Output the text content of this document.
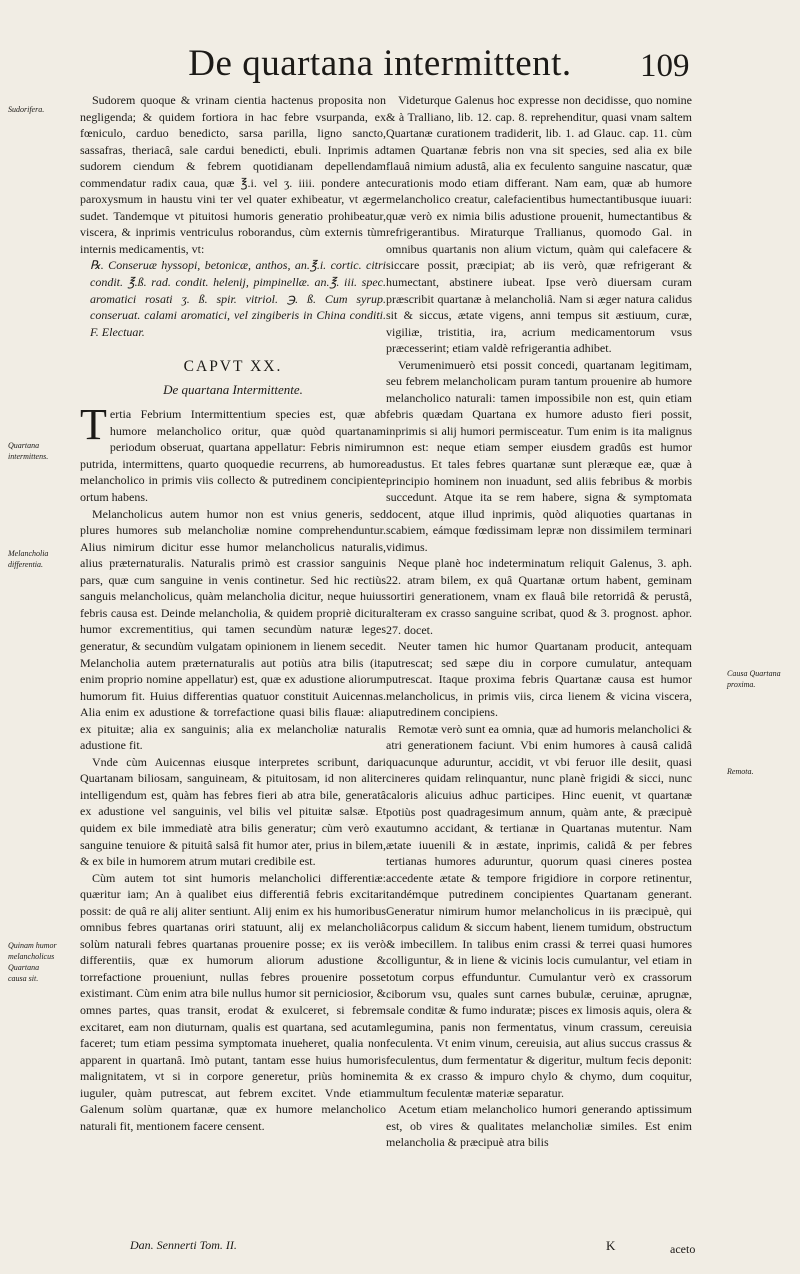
De quartana intermittent. 109
Sudorifera.
Quartana intermittens.
Melancholia differentia.
Quinam humor melancholicus Quartana causa sit.
Causa Quartana proxima.
Remota.

Sudorem quoque & vrinam cientia hactenus proposita non negligenda; & quidem fortiora in hac febre vsurpanda, ex fœniculo, carduo benedicto, sarsa parilla, ligno sancto, sassafras, theriacâ, sale cardui benedicti, ebuli. Inprimis ad sudorem ciendum & febrem quotidianam depellendam commendatur radix caua, quæ ℥.i. vel ʒ. iiii. pondere ante paroxysmum in haustu vini ter vel quater exhibeatur, vt æger sudet. Tandemque vt pituitosi humoris generatio prohibeatur, viscera, & inprimis ventriculus roborandus, cùm externis tùm internis medicamentis, vt:

℞. Conseruæ hyssopi, betonicæ, anthos, an.℥.i. cortic. citri condit. ℥.ß. rad. condit. helenij, pimpinellæ. an.℥. iii. spec. aromatici rosati ʒ. ß. spir. vitriol. ℈. ß. Cum syrup. conseruat. calami aromatici, vel zingiberis in China conditi. F. Electuar.

CAPVT XX.
De quartana Intermittente.

Tertia Febrium Intermittentium species est, quæ ab humore melancholico oritur, quæ quòd quartanam periodum obseruat, quartana appellatur: Febris nimirum putrida, intermittens, quarto quoquedie recurrens, ab humore melancholico in primis viis collecto & putredinem concipiente ortum habens.

Melancholicus autem humor non est vnius generis, sed plures humores sub melancholiæ nomine comprehenduntur. Alius nimirum dicitur esse humor melancholicus naturalis, alius præternaturalis. Naturalis primò est crassior sanguinis pars, quæ cum sanguine in venis continetur. Sed hic rectiùs sanguis melancholicus, quàm melancholia dicitur, neque huius febris causa est. Deinde melancholia, & quidem propriè dicitur humor excrementitius, qui tamen secundùm naturæ leges generatur, & secundùm vulgatam opinionem in lienem secedit. Melancholia autem præternaturalis aut potiùs atra bilis (ita enim proprio nomine appellatur) est, quæ ex adustione aliorum humorum fit. Huius differentias quatuor constituit Auicennas. Alia enim ex adustione & torrefactione quasi bilis flauæ: alia ex pituitæ; alia ex sanguinis; alia ex melancholiæ naturalis adustione fit.

Vnde cùm Auicennas eiusque interpretes scribunt, dari Quartanam biliosam, sanguineam, & pituitosam, id non aliter intelligendum est, quàm has febres fieri ab atra bile, generatâ ex adustione vel sanguinis, vel bilis vel pituitæ salsæ. Et quidem ex bile immediatè atra bilis generatur; cùm verò ex sanguine tenuiore & pituitâ salsâ fit humor ater, prius in bilem, & ex bile in humorem atrum mutari credibile est.

Cùm autem tot sint humoris melancholici differentiæ: quæritur iam; An à qualibet eius differentiâ febris excitari possit: de quâ re alij aliter sentiunt. Alij enim ex his humoribus omnibus febres quartanas oriri statuunt, alij ex melancholiâ solùm naturali febres quartanas prouenire posse; ex iis verò differentiis, quæ ex humorum aliorum adustione & torrefactione proueniunt, nullas febres prouenire posse existimant. Cùm enim atra bile nullus humor sit perniciosior, & omnes partes, quas transit, erodat & exulceret, si febrem excitaret, eam non diuturnam, qualis est quartana, sed acutam faceret; tum etiam pessima symptomata inueheret, qualia non apparent in quartanâ. Imò putant, tantam esse huius humoris malignitatem, vt si in corpore generetur, priùs hominem iuguler, quàm putrescat, aut febrem excitet. Vnde etiam Galenum solùm quartanæ, quæ ex humore melancholico naturali fit, mentionem facere censent.

Videturque Galenus hoc expresse non decidisse, quo nomine & à Tralliano, lib. 12. cap. 8. reprehenditur, quasi vnam saltem Quartanæ curationem tradiderit, lib. 1. ad Glauc. cap. 11. cùm tamen Quartanæ febris non vna sit species, sed alia ex bile flauâ nimium adustâ, alia ex feculento sanguine nascatur, quæ curationis modo etiam differant. Nam eam, quæ ab humore melancholico creatur, calefacientibus humectantibusque iuuari: quæ verò ex nimia bilis adustione prouenit, humectantibus & refrigerantibus. Miraturque Trallianus, quomodo Gal. in omnibus quartanis non alium victum, quàm qui calefacere & siccare possit, præcipiat; ab iis verò, quæ refrigerant & humectant, abstinere iubeat. Ipse verò diuersam curam præscribit quartanæ à melancholiâ. Nam si æger natura calidus sit & siccus, ætate vigens, anni tempus sit æstiuum, curæ, vigiliæ, tristitia, ira, acrium medicamentorum vsus præcesserint; etiam valdè refrigerantia adhibet.

Verumenimuerò etsi possit concedi, quartanam legitimam, seu febrem melancholicam puram tantum prouenire ab humore melancholico naturali: tamen impossibile non est, quin etiam febris quædam Quartana ex humore adusto fieri possit, inprimis si alij humori permisceatur. Tum enim is ita malignus non est: neque etiam semper eiusdem gradûs est humor adustus. Et tales febres quartanæ sunt pleræque eæ, quæ à principio hominem non inuadunt, sed aliis febribus & morbis succedunt. Atque ita se rem habere, signa & symptomata docent, atque illud inprimis, quòd aliquoties quartanas in scabiem, eámque fœdissimam lepræ non dissimilem terminari vidimus.

Neque planè hoc indeterminatum reliquit Galenus, 3. aph. 22. atram bilem, ex quâ Quartanæ ortum habent, geminam sortiri generationem, vnam ex flauâ bile retorridâ & perustâ, alteram ex crasso sanguine scribat, quod & 3. prognost. aphor. 27. docet.

Neuter tamen hic humor Quartanam producit, antequam putrescat; sed sæpe diu in corpore cumulatur, antequam putrescat. Itaque proxima febris Quartanæ causa est humor melancholicus, in primis viis, circa lienem & vicina viscera, putredinem concipiens.

Remotæ verò sunt ea omnia, quæ ad humoris melancholici & atri generationem faciunt. Vbi enim humores à causâ calidâ quacunque aduruntur, accidit, vt vbi feruor ille desiit, quasi cineres quidam relinquantur, nunc planè frigidi & sicci, nunc caloris alicuius adhuc participes. Hinc euenit, vt quartanæ potiùs post quadragesimum annum, quàm ante, & præcipuè autumno accidant, & tertianæ in Quartanas mutentur. Nam ætate iuuenili & in æstate, inprimis, calidâ & per febres tertianas humores aduruntur, quorum quasi cineres postea accedente ætate & tempore frigidiore in corpore retinentur, tandémque putredinem concipientes Quartanam generant. Generatur nimirum humor melancholicus in iis præcipuè, qui corpus calidum & siccum habent, lienem tumidum, obstructum & imbecillem. In talibus enim crassi & terrei quasi humores colliguntur, & in liene & vicinis locis cumulantur, vel etiam in totum corpus effunduntur. Cumulantur verò ex crassorum ciborum vsu, quales sunt carnes bubulæ, ceruinæ, aprugnæ, sale conditæ & fumo induratæ; pisces ex limosis aquis, olera & legumina, panis non fermentatus, vinum crassum, cereuisia feculenta. Vt enim vinum, cereuisia, aut alius succus crassus & feculentus, dum fermentatur & digeritur, multum fecis deponit: ita & ex crasso & impuro chylo & chymo, dum coquitur, multum feculentæ materiæ separatur.

Acetum etiam melancholico humori generando aptissimum est, ob vires & qualitates melancholiæ similes. Est enim melancholia & præcipuè atra bilis

Dan. Sennerti Tom. II.	K	aceto
